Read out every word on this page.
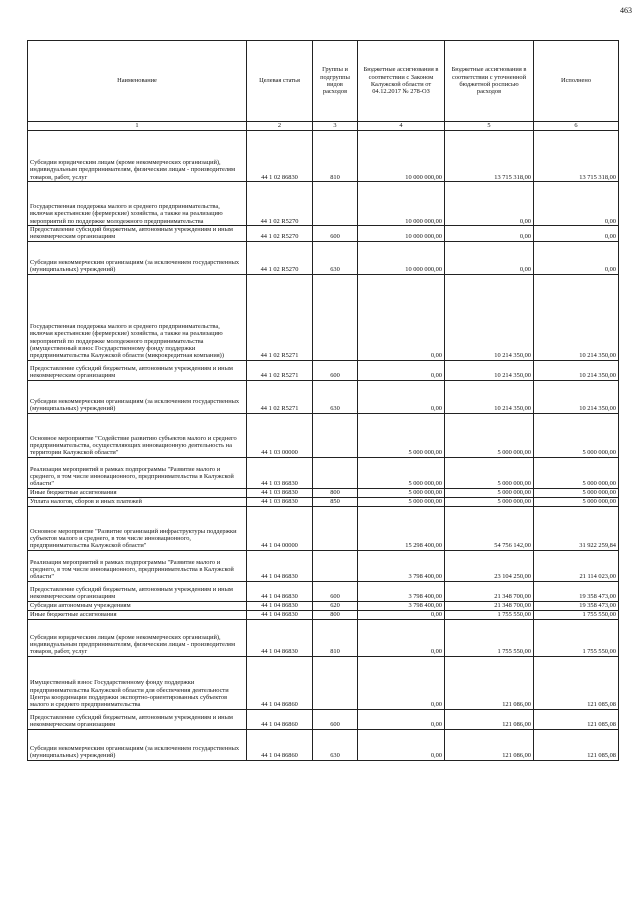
463
Наименование	Целевая статья	Группы и подгруппы видов расходов	Бюджетные ассигнования в соответствии с Законом Калужской области от 04.12.2017 № 278-ОЗ	Бюджетные ассигнования в соответствии с уточненной бюджетной росписью расходов	Исполнено
1	2	3	4	5	6
Субсидии юридическим лицам (кроме некоммерческих организаций), индивидуальным предпринимателям, физическим лицам - производителям товаров, работ, услуг	44 1 02 86830	810	10 000 000,00	13 715 318,00	13 715 318,00
Государственная поддержка малого и среднего предпринимательства, включая крестьянские (фермерские) хозяйства, а также на реализацию мероприятий по поддержке молодежного предпринимательства	44 1 02 R5270		10 000 000,00	0,00	0,00
Предоставление субсидий бюджетным, автономным учреждениям и иным некоммерческим организациям	44 1 02 R5270	600	10 000 000,00	0,00	0,00
Субсидии некоммерческим организациям (за исключением государственных (муниципальных) учреждений)	44 1 02 R5270	630	10 000 000,00	0,00	0,00
Государственная поддержка малого и среднего предпринимательства, включая крестьянские (фермерские) хозяйства, а также на реализацию мероприятий по поддержке молодежного предпринимательства (имущественный взнос Государственному фонду поддержки предпринимательства Калужской области (микрокредитная компания))	44 1 02 R5271		0,00	10 214 350,00	10 214 350,00
Предоставление субсидий бюджетным, автономным учреждениям и иным некоммерческим организациям	44 1 02 R5271	600	0,00	10 214 350,00	10 214 350,00
Субсидии некоммерческим организациям (за исключением государственных (муниципальных) учреждений)	44 1 02 R5271	630	0,00	10 214 350,00	10 214 350,00
Основное мероприятие "Содействие развитию субъектов малого и среднего предпринимательства, осуществляющих инновационную деятельность на территории Калужской области"	44 1 03 00000		5 000 000,00	5 000 000,00	5 000 000,00
Реализация мероприятий в рамках подпрограммы "Развитие малого и среднего, в том числе инновационного, предпринимательства в Калужской области"	44 1 03 86830		5 000 000,00	5 000 000,00	5 000 000,00
Иные бюджетные ассигнования	44 1 03 86830	800	5 000 000,00	5 000 000,00	5 000 000,00
Уплата налогов, сборов и иных платежей	44 1 03 86830	850	5 000 000,00	5 000 000,00	5 000 000,00
Основное мероприятие "Развитие организаций инфраструктуры поддержки субъектов малого и среднего, в том числе инновационного, предпринимательства Калужской области"	44 1 04 00000		15 298 400,00	54 756 142,00	31 922 259,84
Реализация мероприятий в рамках подпрограммы "Развитие малого и среднего, в том числе инновационного, предпринимательства в Калужской области"	44 1 04 86830		3 798 400,00	23 104 250,00	21 114 023,00
Предоставление субсидий бюджетным, автономным учреждениям и иным некоммерческим организациям	44 1 04 86830	600	3 798 400,00	21 348 700,00	19 358 473,00
Субсидии автономным учреждениям	44 1 04 86830	620	3 798 400,00	21 348 700,00	19 358 473,00
Иные бюджетные ассигнования	44 1 04 86830	800	0,00	1 755 550,00	1 755 550,00
Субсидии юридическим лицам (кроме некоммерческих организаций), индивидуальным предпринимателям, физическим лицам - производителям товаров, работ, услуг	44 1 04 86830	810	0,00	1 755 550,00	1 755 550,00
Имущественный взнос Государственному фонду поддержки предпринимательства Калужской области для обеспечения деятельности Центра координации поддержки экспортно-ориентированных субъектов малого и среднего предпринимательства	44 1 04 86860		0,00	121 086,00	121 085,08
Предоставление субсидий бюджетным, автономным учреждениям и иным некоммерческим организациям	44 1 04 86860	600	0,00	121 086,00	121 085,08
Субсидии некоммерческим организациям (за исключением государственных (муниципальных) учреждений)	44 1 04 86860	630	0,00	121 086,00	121 085,08
